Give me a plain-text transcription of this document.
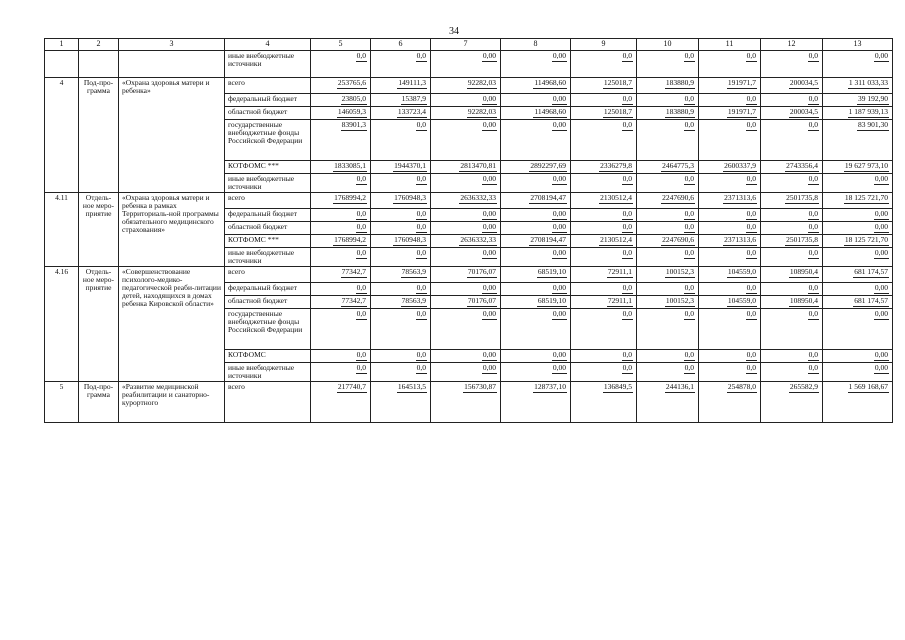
34
1	2	3	4	5	6	7	8	9	10	11	12	13
			иные внебюджетные источники	0,0	0,0	0,00	0,00	0,0	0,0	0,0	0,0	0,00
4	Под-про-грамма	«Охрана здоровья матери и ребенка»	всего	253765,6	149111,3	92282,03	114968,60	125018,7	183880,9	191971,7	200034,5	1 311 033,33
			федеральный бюджет	23805,0	15387,9	0,00	0,00	0,0	0,0	0,0	0,0	39 192,90
			областной бюджет	146059,3	133723,4	92282,03	114968,60	125018,7	183880,9	191971,7	200034,5	1 187 939,13
			государственные внебюджетные фонды Российской Федерации	83901,3	0,0	0,00	0,00	0,0	0,0	0,0	0,0	83 901,30
			КОТФОМС ***	1833085,1	1944370,1	2813470,81	2892297,69	2336279,8	2464775,3	2600337,9	2743356,4	19 627 973,10
			иные внебюджетные источники	0,0	0,0	0,00	0,00	0,0	0,0	0,0	0,0	0,00
4.11	Отдель-ное меро-приятие	«Охрана здоровья матери и ребенка в рамках Территориаль-ной программы обязательного медицинского страхования»	всего	1768994,2	1760948,3	2636332,33	2708194,47	2130512,4	2247690,6	2371313,6	2501735,8	18 125 721,70
			федеральный бюджет	0,0	0,0	0,00	0,00	0,0	0,0	0,0	0,0	0,00
			областной бюджет	0,0	0,0	0,00	0,00	0,0	0,0	0,0	0,0	0,00
			КОТФОМС ***	1768994,2	1760948,3	2636332,33	2708194,47	2130512,4	2247690,6	2371313,6	2501735,8	18 125 721,70
			иные внебюджетные источники	0,0	0,0	0,00	0,00	0,0	0,0	0,0	0,0	0,00
4.16	Отдель-ное меро-приятие	«Совершенствование психолого-медико-педагогической реаби-литации детей, находящихся в домах ребенка Кировской области»	всего	77342,7	78563,9	70176,07	68519,10	72911,1	100152,3	104559,0	108950,4	681 174,57
			федеральный бюджет	0,0	0,0	0,00	0,00	0,0	0,0	0,0	0,0	0,00
			областной бюджет	77342,7	78563,9	70176,07	68519,10	72911,1	100152,3	104559,0	108950,4	681 174,57
			государственные внебюджетные фонды Российской Федерации	0,0	0,0	0,00	0,00	0,0	0,0	0,0	0,0	0,00
			КОТФОМС	0,0	0,0	0,00	0,00	0,0	0,0	0,0	0,0	0,00
			иные внебюджетные источники	0,0	0,0	0,00	0,00	0,0	0,0	0,0	0,0	0,00
5	Под-про-грамма	«Развитие медицинской реабилитации и санаторно-курортного	всего	217740,7	164513,5	156730,87	128737,10	136849,5	244136,1	254878,0	265582,9	1 569 168,67
